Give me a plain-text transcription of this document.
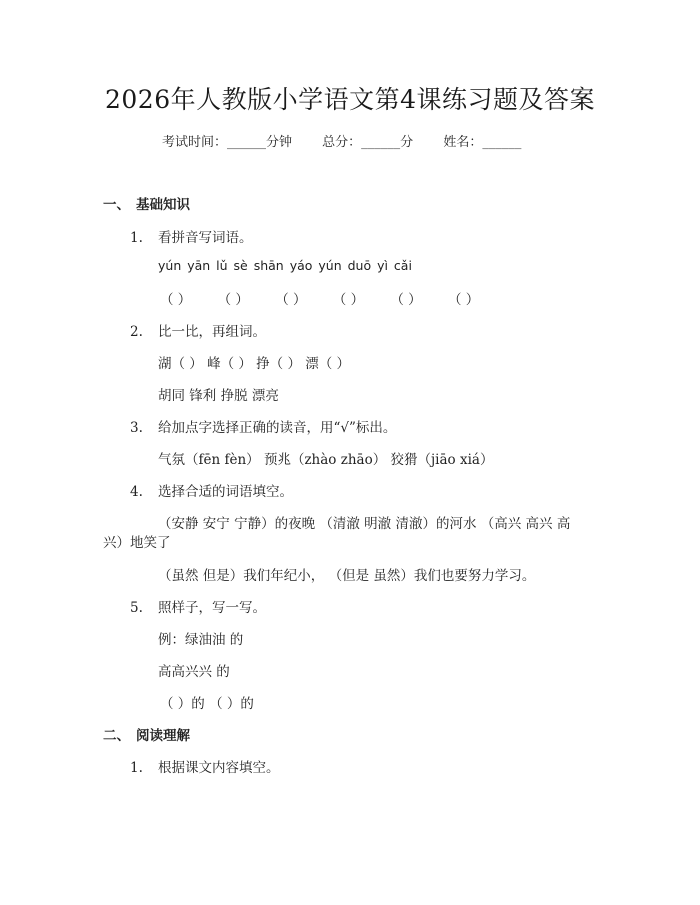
2026年人教版小学语文第4课练习题及答案
考试时间：______分钟 总分：______分 姓名：______
一、 基础知识
1. 看拼音写词语。
yún yān lǔ sè shān yáo yún duō yì cǎi
（ ） （ ） （ ） （ ） （ ） （ ）
2. 比一比，再组词。
湖（ ） 峰（ ） 挣（ ） 漂（ ）
胡同 锋利 挣脱 漂亮
3. 给加点字选择正确的读音，用“√”标出。
气氛（fēn fèn） 预兆（zhào zhāo） 狡猾（jiāo xiá）
4. 选择合适的词语填空。
（安静 安宁 宁静）的夜晚 （清澈 明澈 清澈）的河水 （高兴 高兴 高
兴）地笑了
（虽然 但是）我们年纪小， （但是 虽然）我们也要努力学习。
5. 照样子，写一写。
例：绿油油 的
高高兴兴 的
（ ）的 （ ）的
二、 阅读理解
1. 根据课文内容填空。
